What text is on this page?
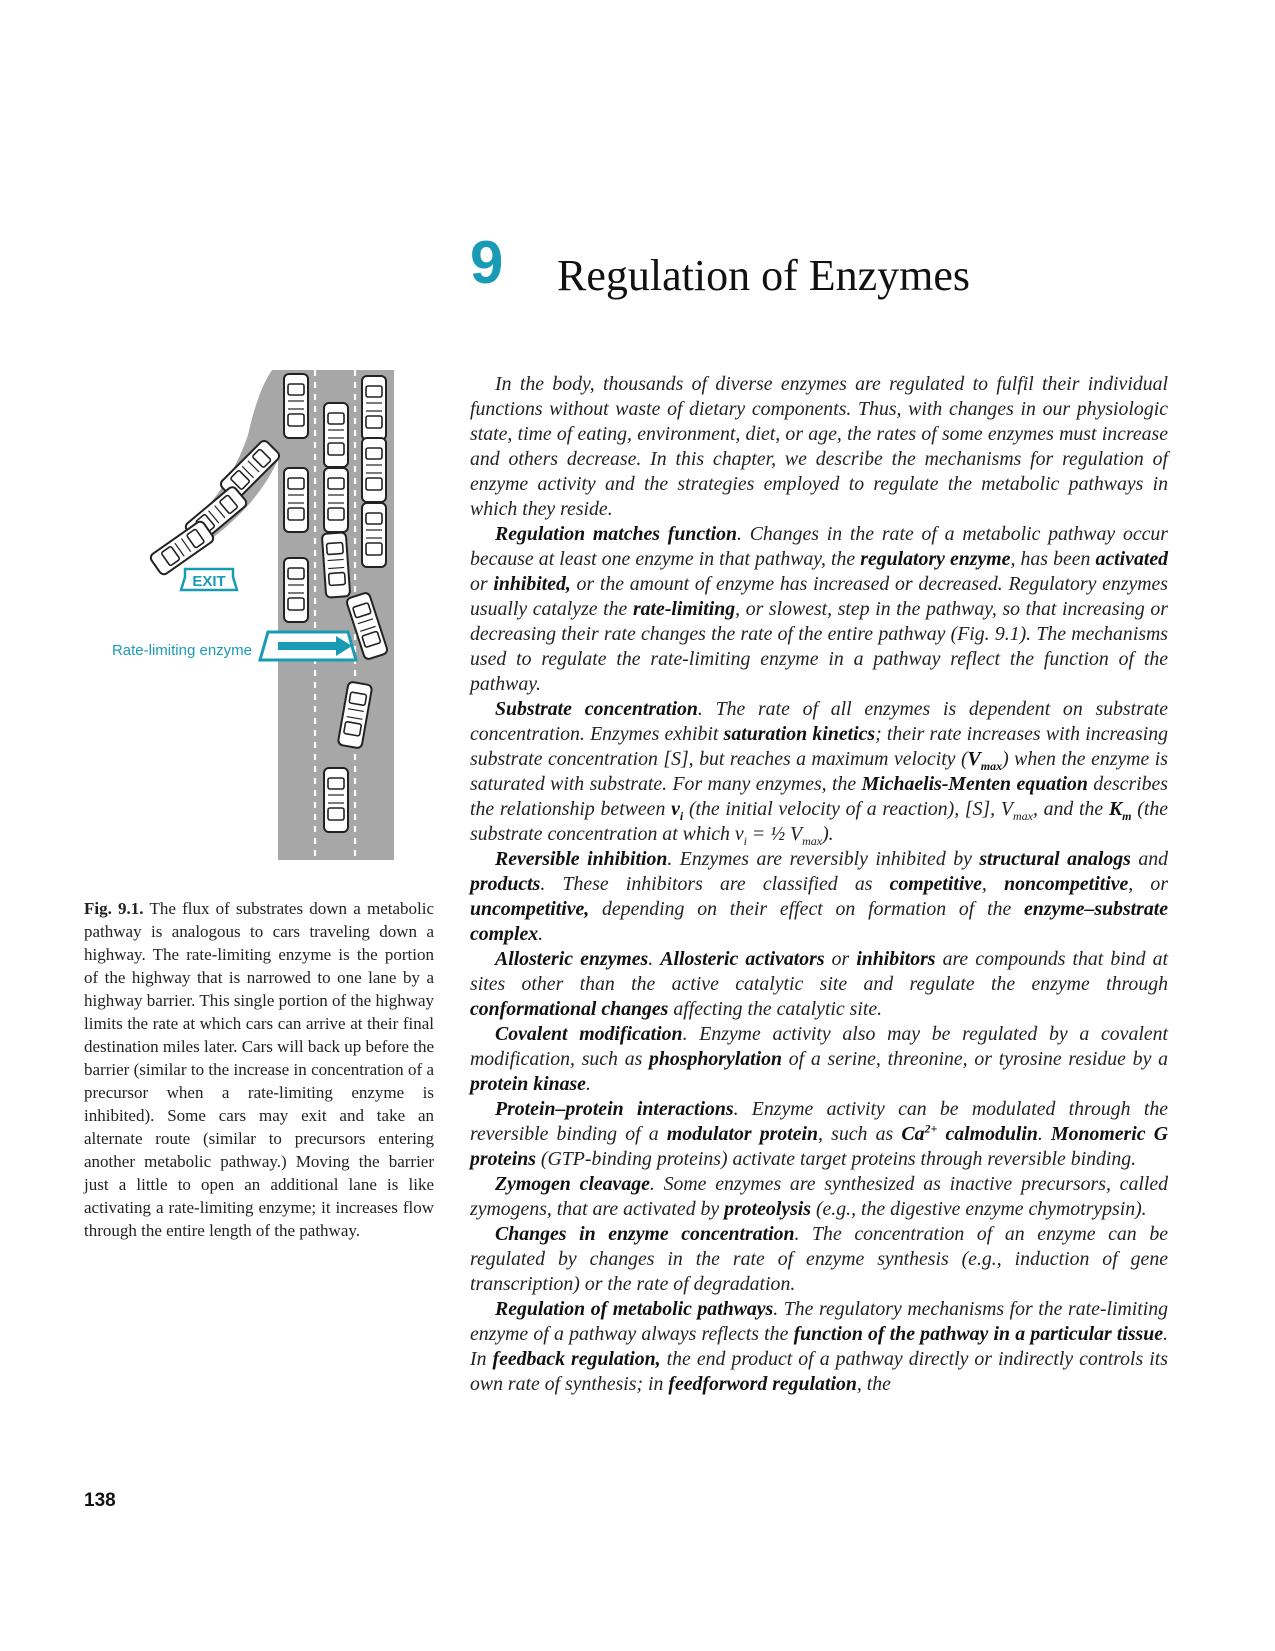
9 Regulation of Enzymes
EXIT
Rate-limiting enzyme

Fig. 9.1. The flux of substrates down a metabolic pathway is analogous to cars traveling down a highway. The rate-limiting enzyme is the portion of the highway that is narrowed to one lane by a highway barrier. This single portion of the highway limits the rate at which cars can arrive at their final destination miles later. Cars will back up before the barrier (similar to the increase in concentration of a precursor when a rate-limiting enzyme is inhibited). Some cars may exit and take an alternate route (similar to precursors entering another metabolic pathway.) Moving the barrier just a little to open an additional lane is like activating a rate-limiting enzyme; it increases flow through the entire length of the pathway.

In the body, thousands of diverse enzymes are regulated to fulfil their individual functions without waste of dietary components. Thus, with changes in our physiologic state, time of eating, environment, diet, or age, the rates of some enzymes must increase and others decrease. In this chapter, we describe the mechanisms for regulation of enzyme activity and the strategies employed to regulate the metabolic pathways in which they reside.

Regulation matches function. Changes in the rate of a metabolic pathway occur because at least one enzyme in that pathway, the regulatory enzyme, has been activated or inhibited, or the amount of enzyme has increased or decreased. Regulatory enzymes usually catalyze the rate-limiting, or slowest, step in the pathway, so that increasing or decreasing their rate changes the rate of the entire pathway (Fig. 9.1). The mechanisms used to regulate the rate-limiting enzyme in a pathway reflect the function of the pathway.

Substrate concentration. The rate of all enzymes is dependent on substrate concentration. Enzymes exhibit saturation kinetics; their rate increases with increasing substrate concentration [S], but reaches a maximum velocity $(V_{max})$ when the enzyme is saturated with substrate. For many enzymes, the Michaelis-Menten equation describes the relationship between $v_i$ (the initial velocity of a reaction), [S], $V_{max}$, and the $K_m$ (the substrate concentration at which $v_i$ = ½ $V_{max}$).

Reversible inhibition. Enzymes are reversibly inhibited by structural analogs and products. These inhibitors are classified as competitive, noncompetitive, or uncompetitive, depending on their effect on formation of the enzyme–substrate complex.

Allosteric enzymes. Allosteric activators or inhibitors are compounds that bind at sites other than the active catalytic site and regulate the enzyme through conformational changes affecting the catalytic site.

Covalent modification. Enzyme activity also may be regulated by a covalent modification, such as phosphorylation of a serine, threonine, or tyrosine residue by a protein kinase.

Protein–protein interactions. Enzyme activity can be modulated through the reversible binding of a modulator protein, such as $Ca^{2+}$ calmodulin. Monomeric G proteins (GTP-binding proteins) activate target proteins through reversible binding.

Zymogen cleavage. Some enzymes are synthesized as inactive precursors, called zymogens, that are activated by proteolysis (e.g., the digestive enzyme chymotrypsin).

Changes in enzyme concentration. The concentration of an enzyme can be regulated by changes in the rate of enzyme synthesis (e.g., induction of gene transcription) or the rate of degradation.

Regulation of metabolic pathways. The regulatory mechanisms for the rate-limiting enzyme of a pathway always reflects the function of the pathway in a particular tissue. In feedback regulation, the end product of a pathway directly or indirectly controls its own rate of synthesis; in feedforword regulation, the

138
